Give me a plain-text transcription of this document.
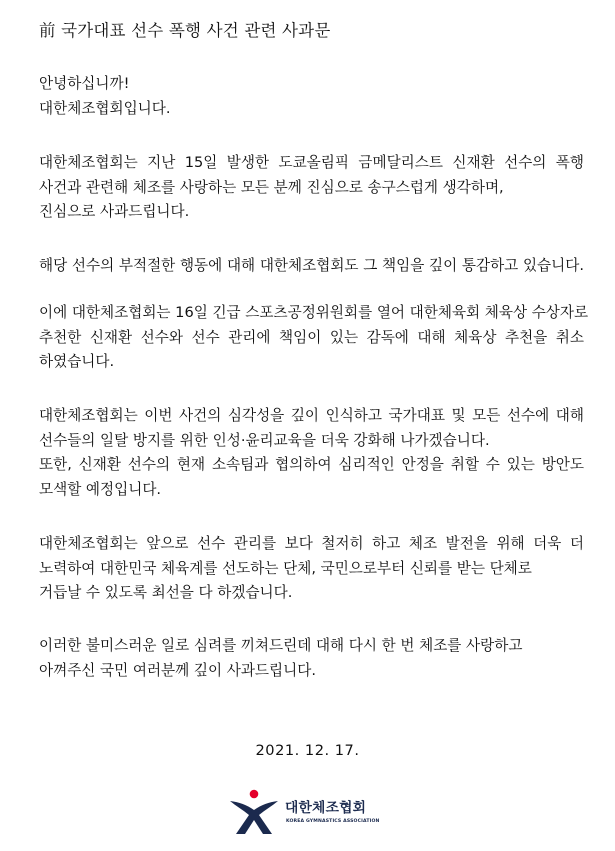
前 국가대표 선수 폭행 사건 관련 사과문
안녕하십니까!
대한체조협회입니다.
대한체조협회는 지난 15일 발생한 도쿄올림픽 금메달리스트 신재환 선수의 폭행
사건과 관련해 체조를 사랑하는 모든 분께 진심으로 송구스럽게 생각하며,
진심으로 사과드립니다.
해당 선수의 부적절한 행동에 대해 대한체조협회도 그 책임을 깊이 통감하고 있습니다.
이에 대한체조협회는 16일 긴급 스포츠공정위원회를 열어 대한체육회 체육상 수상자로
추천한 신재환 선수와 선수 관리에 책임이 있는 감독에 대해 체육상 추천을 취소
하였습니다.
대한체조협회는 이번 사건의 심각성을 깊이 인식하고 국가대표 및 모든 선수에 대해
선수들의 일탈 방지를 위한 인성·윤리교육을 더욱 강화해 나가겠습니다.
또한, 신재환 선수의 현재 소속팀과 협의하여 심리적인 안정을 취할 수 있는 방안도
모색할 예정입니다.
대한체조협회는 앞으로 선수 관리를 보다 철저히 하고 체조 발전을 위해 더욱 더
노력하여 대한민국 체육계를 선도하는 단체, 국민으로부터 신뢰를 받는 단체로
거듭날 수 있도록 최선을 다 하겠습니다.
이러한 불미스러운 일로 심려를 끼쳐드린데 대해 다시 한 번 체조를 사랑하고
아껴주신 국민 여러분께 깊이 사과드립니다.
2021. 12. 17.
대한체조협회
KOREA GYMNASTICS ASSOCIATION
